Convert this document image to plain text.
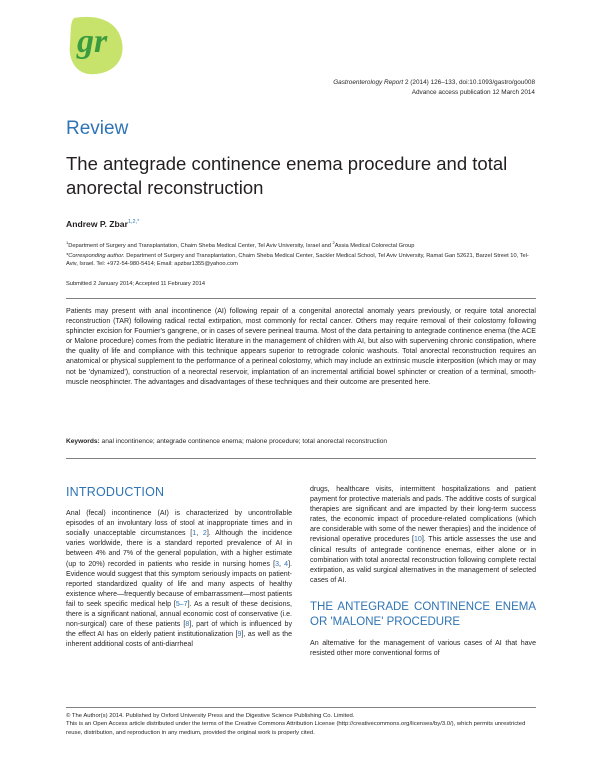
gr
Gastroenterology Report 2 (2014) 126–133, doi:10.1093/gastro/gou008
Advance access publication 12 March 2014
Review
The antegrade continence enema procedure and total anorectal reconstruction
Andrew P. Zbar$^{1,2,*}$
$^1$Department of Surgery and Transplantation, Chaim Sheba Medical Center, Tel Aviv University, Israel and $^2$Assia Medical Colorectal Group
*Corresponding author. Department of Surgery and Transplantation, Chaim Sheba Medical Center, Sackler Medical School, Tel Aviv University, Ramat Gan 52621, Barzel Street 10, Tel-Aviv, Israel. Tel: +972-54-980-5414; Email: apzbar1355@yahoo.com
Submitted 2 January 2014; Accepted 11 February 2014

Patients may present with anal incontinence (AI) following repair of a congenital anorectal anomaly years previously, or require total anorectal reconstruction (TAR) following radical rectal extirpation, most commonly for rectal cancer. Others may require removal of their colostomy following sphincter excision for Fournier's gangrene, or in cases of severe perineal trauma. Most of the data pertaining to antegrade continence enema (the ACE or Malone procedure) comes from the pediatric literature in the management of children with AI, but also with supervening chronic constipation, where the quality of life and compliance with this technique appears superior to retrograde colonic washouts. Total anorectal reconstruction requires an anatomical or physical supplement to the performance of a perineal colostomy, which may include an extrinsic muscle interposition (which may or may not be 'dynamized'), construction of a neorectal reservoir, implantation of an incremental artificial bowel sphincter or creation of a terminal, smooth-muscle neosphincter. The advantages and disadvantages of these techniques and their outcome are presented here.

Keywords: anal incontinence; antegrade continence enema; malone procedure; total anorectal reconstruction
INTRODUCTION

Anal (fecal) incontinence (AI) is characterized by uncontrollable episodes of an involuntary loss of stool at inappropriate times and in socially unacceptable circumstances [1, 2]. Although the incidence varies worldwide, there is a standard reported prevalence of AI in between 4% and 7% of the general population, with a higher estimate (up to 20%) recorded in patients who reside in nursing homes [3, 4]. Evidence would suggest that this symptom seriously impacts on patient-reported standardized quality of life and many aspects of healthy existence where—frequently because of embarrassment—most patients fail to seek specific medical help [5–7]. As a result of these decisions, there is a significant national, annual economic cost of conservative (i.e. non-surgical) care of these patients [8], part of which is influenced by the effect AI has on elderly patient institutionalization [9], as well as the inherent additional costs of anti-diarrheal

drugs, healthcare visits, intermittent hospitalizations and patient payment for protective materials and pads. The additive costs of surgical therapies are significant and are impacted by their long-term success rates, the economic impact of procedure-related complications (which are considerable with some of the newer therapies) and the incidence of revisional operative procedures [10]. This article assesses the use and clinical results of antegrade continence enemas, either alone or in combination with total anorectal reconstruction following complete rectal extirpation, as valid surgical alternatives in the management of selected cases of AI.

THE ANTEGRADE CONTINENCE ENEMA OR 'MALONE' PROCEDURE

An alternative for the management of various cases of AI that have resisted other more conventional forms of

© The Author(s) 2014. Published by Oxford University Press and the Digestive Science Publishing Co. Limited.
This is an Open Access article distributed under the terms of the Creative Commons Attribution License (http://creativecommons.org/licenses/by/3.0/), which permits unrestricted reuse, distribution, and reproduction in any medium, provided the original work is properly cited.
